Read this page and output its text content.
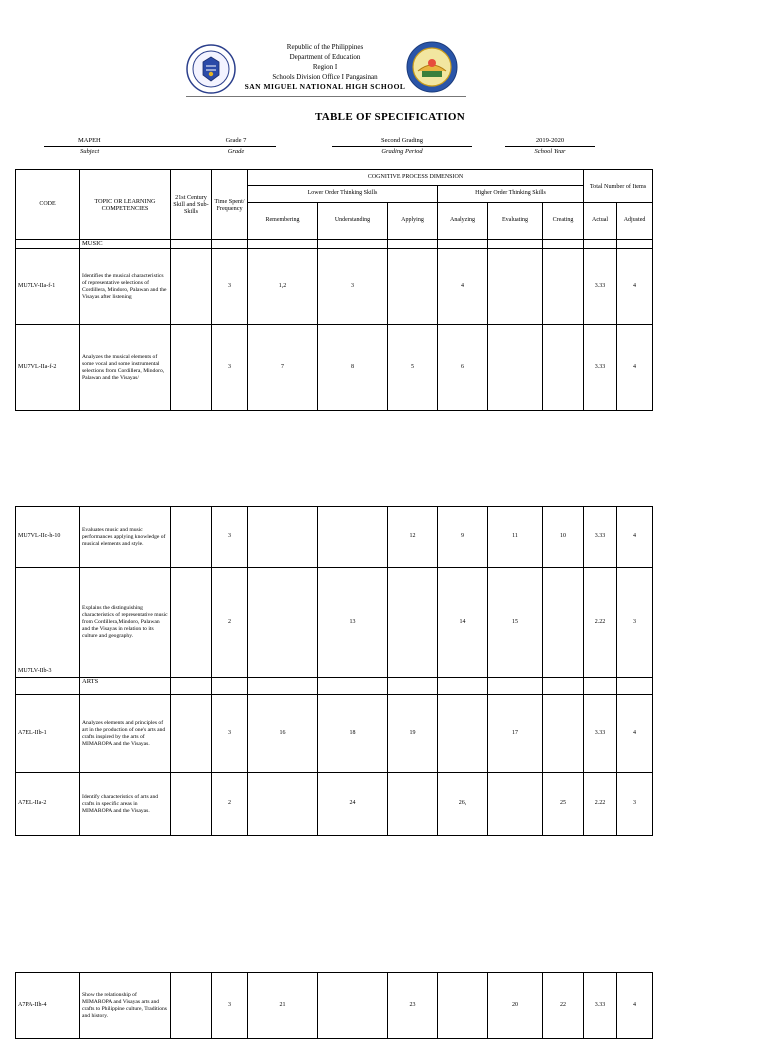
Republic of the Philippines
Department of Education
Region I
Schools Division Office I Pangasinan
SAN MIGUEL NATIONAL HIGH SCHOOL
TABLE OF SPECIFICATION
MAPEH
Subject
Grade 7
Grade
Second Grading
Grading Period
2019-2020
School Year
CODE	TOPIC OR LEARNING COMPETENCIES	21st Century Skill and Sub-Skills	Time Spent/ Frequency	COGNITIVE PROCESS DIMENSION						Total Number of Items	
				Lower Order Thinking Skills			Higher Order Thinking Skills				
				Remembering	Understanding	Applying	Analyzing	Evaluating	Creating	Actual	Adjusted
	MUSIC										
MU7LV-IIa-f-1	Identifies the musical characteristics of representative selections of Cordillera, Mindoro, Palawan and the Visayas after listening		3	1,2	3		4			3.33	4
MU7VL-IIa-f-2	Analyzes the musical elements of some vocal and some instrumental selections from Cordillera, Mindoro, Palawan and the Visayas/		3	7	8	5	6			3.33	4
MU7VL-IIc-h-10	Evaluates music and music performances applying knowledge of musical elements and style.		3			12	9	11	10	3.33	4
MU7LV-IIb-3	Explains the distinguishing characteristics of representative music from Cordillera,Mindoro, Palawan and the Visayas in relation to its culture and geography.		2		13		14	15		2.22	3
	ARTS										
A7EL-IIb-1	Analyzes elements and principles of art in the production of one's arts and crafts inspired by the arts of MIMAROPA and the Visayas.		3	16	18	19		17		3.33	4
A7EL-IIa-2	Identify characteristics of arts and crafts in specific areas in MIMAROPA and the Visayas.		2		24		26,		25	2.22	3
A7PA-IIh-4	Show the relationship of MIMAROPA and Visayas arts and crafts to Philippine culture, Traditions and history.		3	21		23		20	22	3.33	4
